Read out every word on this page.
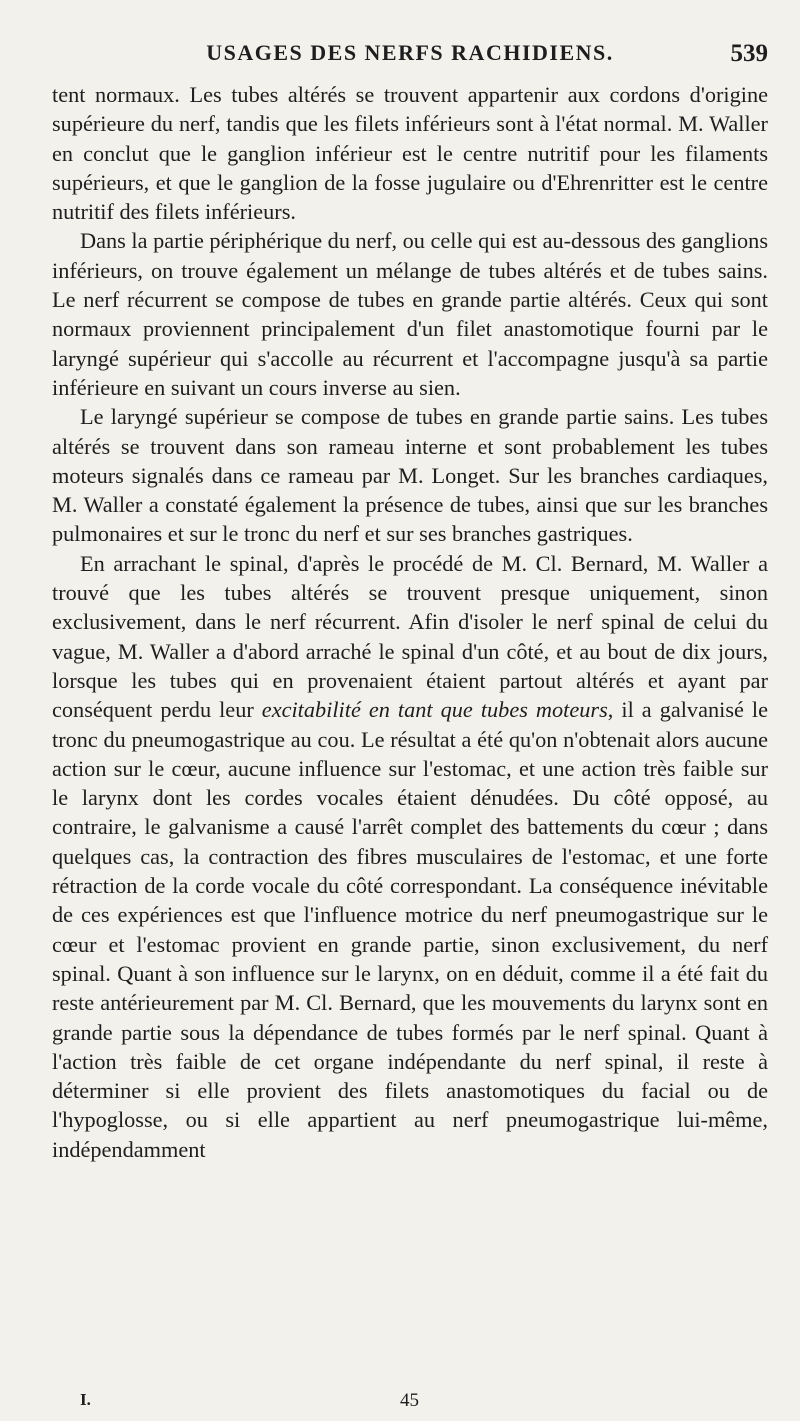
USAGES DES NERFS RACHIDIENS.	539

tent normaux. Les tubes altérés se trouvent appartenir aux cordons d'origine supérieure du nerf, tandis que les filets inférieurs sont à l'état normal. M. Waller en conclut que le ganglion inférieur est le centre nutritif pour les filaments supérieurs, et que le ganglion de la fosse jugulaire ou d'Ehrenritter est le centre nutritif des filets inférieurs.

Dans la partie périphérique du nerf, ou celle qui est au-dessous des ganglions inférieurs, on trouve également un mélange de tubes altérés et de tubes sains. Le nerf récurrent se compose de tubes en grande partie altérés. Ceux qui sont normaux proviennent principalement d'un filet anastomotique fourni par le laryngé supérieur qui s'accolle au récurrent et l'accompagne jusqu'à sa partie inférieure en suivant un cours inverse au sien.

Le laryngé supérieur se compose de tubes en grande partie sains. Les tubes altérés se trouvent dans son rameau interne et sont probablement les tubes moteurs signalés dans ce rameau par M. Longet. Sur les branches cardiaques, M. Waller a constaté également la présence de tubes, ainsi que sur les branches pulmonaires et sur le tronc du nerf et sur ses branches gastriques.

En arrachant le spinal, d'après le procédé de M. Cl. Bernard, M. Waller a trouvé que les tubes altérés se trouvent presque uniquement, sinon exclusivement, dans le nerf récurrent. Afin d'isoler le nerf spinal de celui du vague, M. Waller a d'abord arraché le spinal d'un côté, et au bout de dix jours, lorsque les tubes qui en provenaient étaient partout altérés et ayant par conséquent perdu leur excitabilité en tant que tubes moteurs, il a galvanisé le tronc du pneumogastrique au cou. Le résultat a été qu'on n'obtenait alors aucune action sur le cœur, aucune influence sur l'estomac, et une action très faible sur le larynx dont les cordes vocales étaient dénudées. Du côté opposé, au contraire, le galvanisme a causé l'arrêt complet des battements du cœur ; dans quelques cas, la contraction des fibres musculaires de l'estomac, et une forte rétraction de la corde vocale du côté correspondant. La conséquence inévitable de ces expériences est que l'influence motrice du nerf pneumogastrique sur le cœur et l'estomac provient en grande partie, sinon exclusivement, du nerf spinal. Quant à son influence sur le larynx, on en déduit, comme il a été fait du reste antérieurement par M. Cl. Bernard, que les mouvements du larynx sont en grande partie sous la dépendance de tubes formés par le nerf spinal. Quant à l'action très faible de cet organe indépendante du nerf spinal, il reste à déterminer si elle provient des filets anastomotiques du facial ou de l'hypoglosse, ou si elle appartient au nerf pneumogastrique lui-même, indépendamment

I.	45
